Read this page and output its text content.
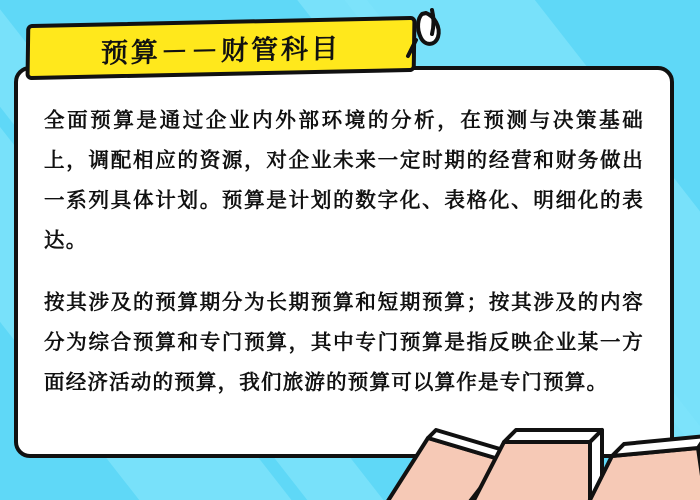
预算－－财管科目

全面预算是通过企业内外部环境的分析，在预测与决策基础上，调配相应的资源，对企业未来一定时期的经营和财务做出一系列具体计划。预算是计划的数字化、表格化、明细化的表达。

按其涉及的预算期分为长期预算和短期预算；按其涉及的内容分为综合预算和专门预算，其中专门预算是指反映企业某一方面经济活动的预算，我们旅游的预算可以算作是专门预算。
